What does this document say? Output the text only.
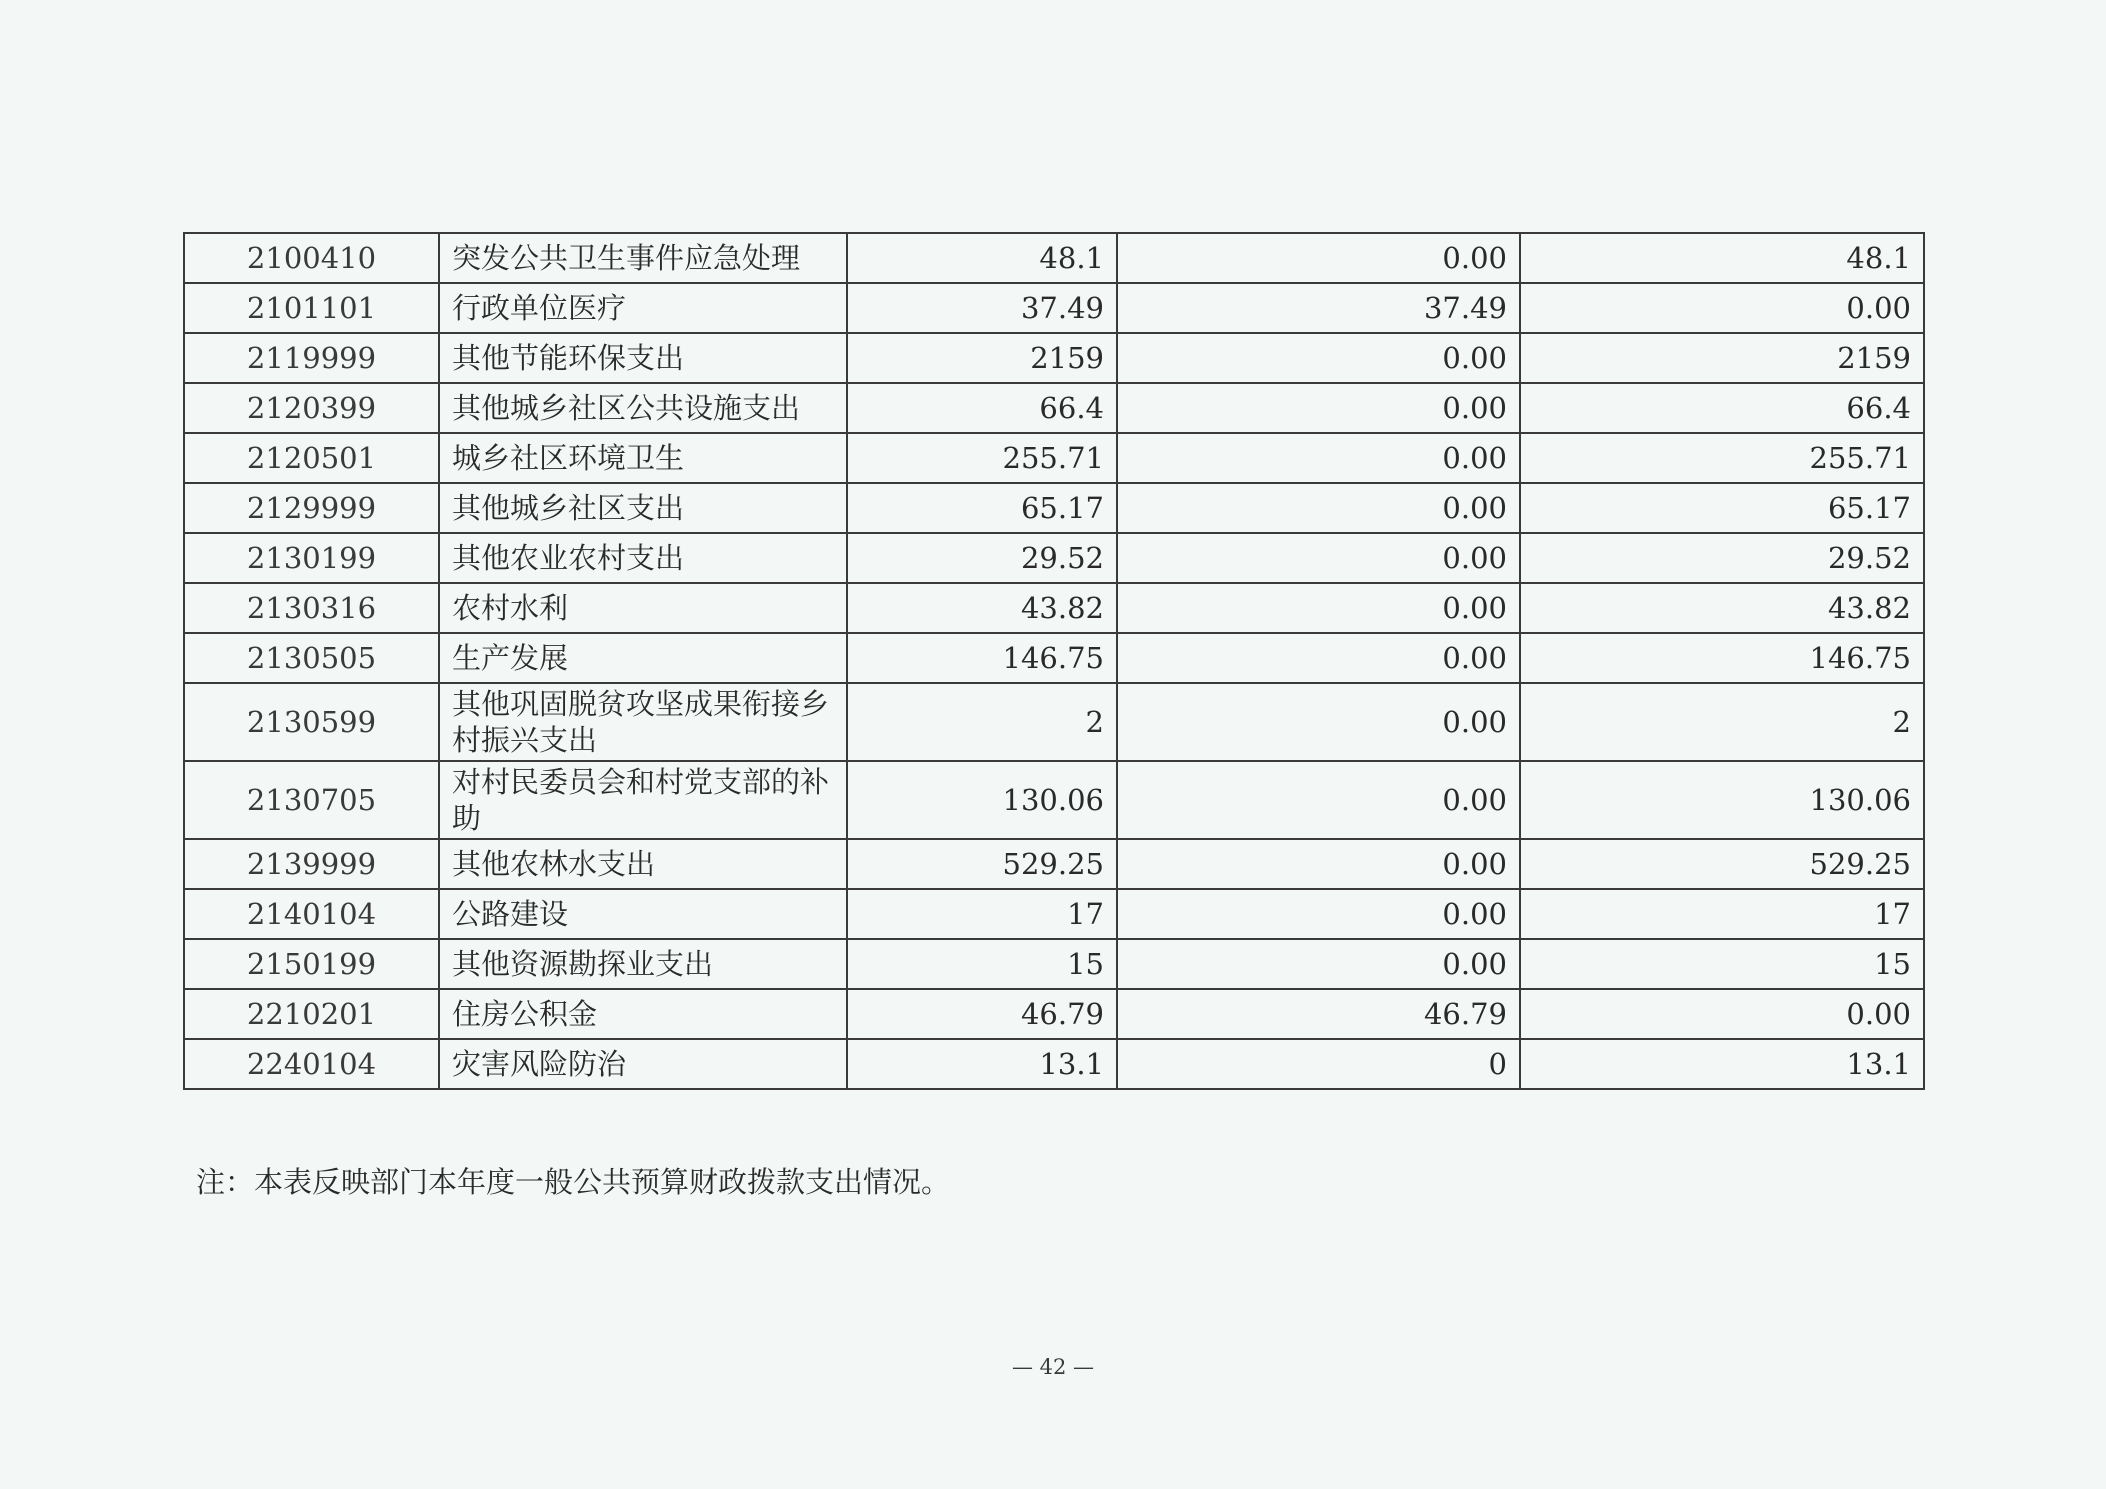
2100410	突发公共卫生事件应急处理	48.1	0.00	48.1
2101101	行政单位医疗	37.49	37.49	0.00
2119999	其他节能环保支出	2159	0.00	2159
2120399	其他城乡社区公共设施支出	66.4	0.00	66.4
2120501	城乡社区环境卫生	255.71	0.00	255.71
2129999	其他城乡社区支出	65.17	0.00	65.17
2130199	其他农业农村支出	29.52	0.00	29.52
2130316	农村水利	43.82	0.00	43.82
2130505	生产发展	146.75	0.00	146.75
2130599	其他巩固脱贫攻坚成果衔接乡村振兴支出	2	0.00	2
2130705	对村民委员会和村党支部的补助	130.06	0.00	130.06
2139999	其他农林水支出	529.25	0.00	529.25
2140104	公路建设	17	0.00	17
2150199	其他资源勘探业支出	15	0.00	15
2210201	住房公积金	46.79	46.79	0.00
2240104	灾害风险防治	13.1	0	13.1
注：本表反映部门本年度一般公共预算财政拨款支出情况。
— 42 —
